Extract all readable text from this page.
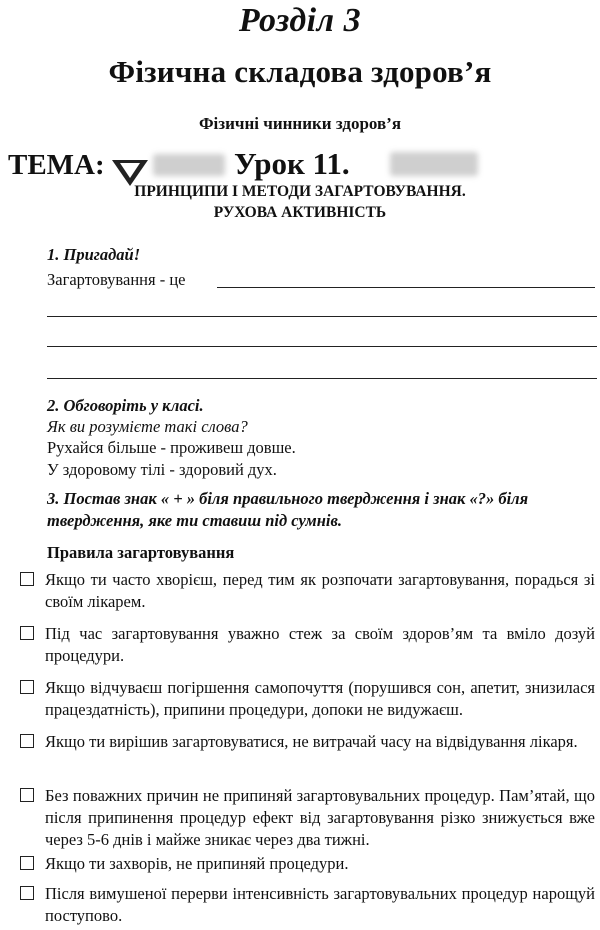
Розділ 3
Фізична складова здоров’я
Фізичні чинники здоров’я
ТЕМА:	Урок 11.
ПРИНЦИПИ І МЕТОДИ ЗАГАРТОВУВАННЯ.
РУХОВА АКТИВНІСТЬ
1. Пригадай!
Загартовування - це
2. Обговоріть у класі.
Як ви розумієте такі слова?
Рухайся більше - проживеш довше.
У здоровому тілі - здоровий дух.
3. Постав знак « + » біля правильного твердження і знак «?» біля
твердження, яке ти ставиш під сумнів.
Правила загартовування
Якщо ти часто хворієш, перед тим як розпочати загартовування, порадься зі своїм лікарем.
Під час загартовування уважно стеж за своїм здоров’ям та вміло дозуй процедури.
Якщо відчуваєш погіршення самопочуття (порушився сон, апетит, знизилася працездатність), припини процедури, допоки не видужаєш.
Якщо ти вирішив загартовуватися, не витрачай часу на відвідування лікаря.
Без поважних причин не припиняй загартовувальних процедур. Пам’ятай, що після припинення процедур ефект від загартовування різко знижується вже через 5-6 днів і майже зникає через два тижні.
Якщо ти захворів, не припиняй процедури.
Після вимушеної перерви інтенсивність загартовувальних процедур нарощуй поступово.
